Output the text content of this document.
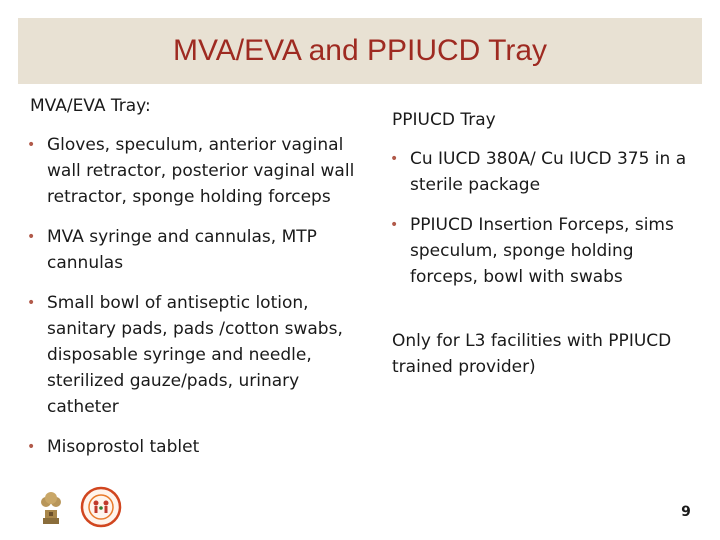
MVA/EVA and PPIUCD Tray
MVA/EVA Tray:
• Gloves, speculum, anterior vaginal wall retractor, posterior vaginal wall retractor, sponge holding forceps
• MVA syringe and cannulas, MTP cannulas
• Small bowl of antiseptic lotion, sanitary pads, pads /cotton swabs, disposable syringe and needle, sterilized gauze/pads, urinary catheter
• Misoprostol tablet
PPIUCD Tray
• Cu IUCD 380A/ Cu IUCD 375 in a sterile package
• PPIUCD Insertion Forceps, sims speculum, sponge holding forceps, bowl with swabs

Only for L3 facilities with PPIUCD trained provider)

9
